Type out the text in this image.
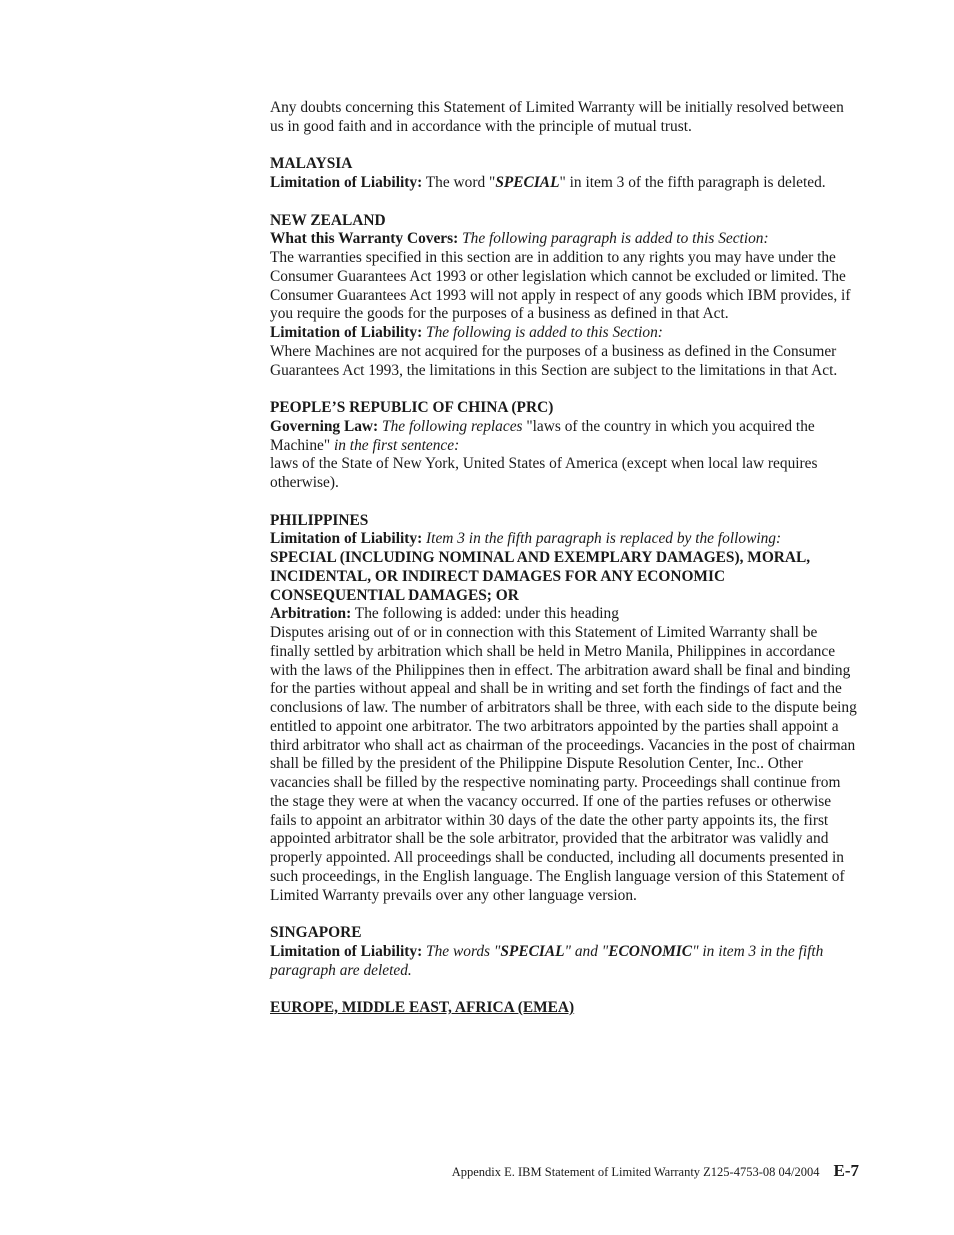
Any doubts concerning this Statement of Limited Warranty will be initially resolved between us in good faith and in accordance with the principle of mutual trust.

MALAYSIA

Limitation of Liability: The word "SPECIAL" in item 3 of the fifth paragraph is deleted.

NEW ZEALAND

What this Warranty Covers: The following paragraph is added to this Section:

The warranties specified in this section are in addition to any rights you may have under the Consumer Guarantees Act 1993 or other legislation which cannot be excluded or limited. The Consumer Guarantees Act 1993 will not apply in respect of any goods which IBM provides, if you require the goods for the purposes of a business as defined in that Act.

Limitation of Liability: The following is added to this Section:

Where Machines are not acquired for the purposes of a business as defined in the Consumer Guarantees Act 1993, the limitations in this Section are subject to the limitations in that Act.

PEOPLE’S REPUBLIC OF CHINA (PRC)

Governing Law: The following replaces "laws of the country in which you acquired the Machine" in the first sentence:

laws of the State of New York, United States of America (except when local law requires otherwise).

PHILIPPINES

Limitation of Liability: Item 3 in the fifth paragraph is replaced by the following:

SPECIAL (INCLUDING NOMINAL AND EXEMPLARY DAMAGES), MORAL, INCIDENTAL, OR INDIRECT DAMAGES FOR ANY ECONOMIC CONSEQUENTIAL DAMAGES; OR

Arbitration: The following is added: under this heading

Disputes arising out of or in connection with this Statement of Limited Warranty shall be finally settled by arbitration which shall be held in Metro Manila, Philippines in accordance with the laws of the Philippines then in effect. The arbitration award shall be final and binding for the parties without appeal and shall be in writing and set forth the findings of fact and the conclusions of law. The number of arbitrators shall be three, with each side to the dispute being entitled to appoint one arbitrator. The two arbitrators appointed by the parties shall appoint a third arbitrator who shall act as chairman of the proceedings. Vacancies in the post of chairman shall be filled by the president of the Philippine Dispute Resolution Center, Inc.. Other vacancies shall be filled by the respective nominating party. Proceedings shall continue from the stage they were at when the vacancy occurred. If one of the parties refuses or otherwise fails to appoint an arbitrator within 30 days of the date the other party appoints its, the first appointed arbitrator shall be the sole arbitrator, provided that the arbitrator was validly and properly appointed. All proceedings shall be conducted, including all documents presented in such proceedings, in the English language. The English language version of this Statement of Limited Warranty prevails over any other language version.

SINGAPORE

Limitation of Liability: The words "SPECIAL" and "ECONOMIC" in item 3 in the fifth paragraph are deleted.

EUROPE, MIDDLE EAST, AFRICA (EMEA)

Appendix E. IBM Statement of Limited Warranty Z125-4753-08 04/2004 E-7
